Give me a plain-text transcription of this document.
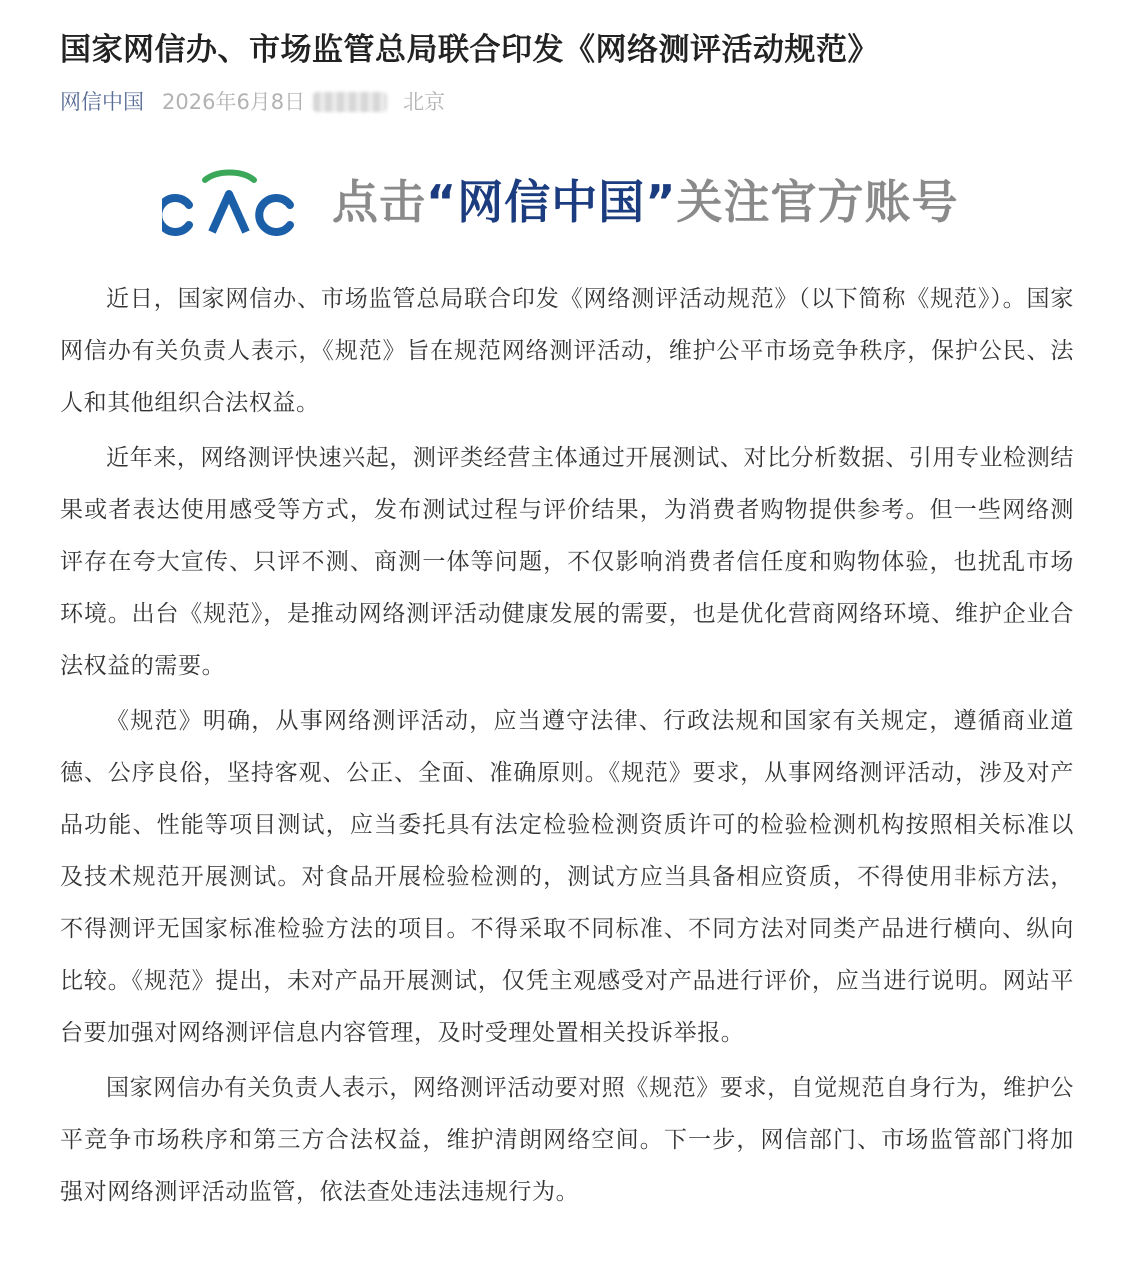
国家网信办、市场监管总局联合印发《网络测评活动规范》
网信中国 2026年6月8日	北京
点击“网信中国”关注官方账号

近日，国家网信办、市场监管总局联合印发《网络测评活动规范》（以下简称《规范》）。国家网信办有关负责人表示，《规范》旨在规范网络测评活动，维护公平市场竞争秩序，保护公民、法人和其他组织合法权益。

近年来，网络测评快速兴起，测评类经营主体通过开展测试、对比分析数据、引用专业检测结果或者表达使用感受等方式，发布测试过程与评价结果，为消费者购物提供参考。但一些网络测评存在夸大宣传、只评不测、商测一体等问题，不仅影响消费者信任度和购物体验，也扰乱市场环境。出台《规范》，是推动网络测评活动健康发展的需要，也是优化营商网络环境、维护企业合法权益的需要。

《规范》明确，从事网络测评活动，应当遵守法律、行政法规和国家有关规定，遵循商业道德、公序良俗，坚持客观、公正、全面、准确原则。《规范》要求，从事网络测评活动，涉及对产品功能、性能等项目测试，应当委托具有法定检验检测资质许可的检验检测机构按照相关标准以及技术规范开展测试。对食品开展检验检测的，测试方应当具备相应资质，不得使用非标方法，不得测评无国家标准检验方法的项目。不得采取不同标准、不同方法对同类产品进行横向、纵向比较。《规范》提出，未对产品开展测试，仅凭主观感受对产品进行评价，应当进行说明。网站平台要加强对网络测评信息内容管理，及时受理处置相关投诉举报。

国家网信办有关负责人表示，网络测评活动要对照《规范》要求，自觉规范自身行为，维护公平竞争市场秩序和第三方合法权益，维护清朗网络空间。下一步，网信部门、市场监管部门将加强对网络测评活动监管，依法查处违法违规行为。
